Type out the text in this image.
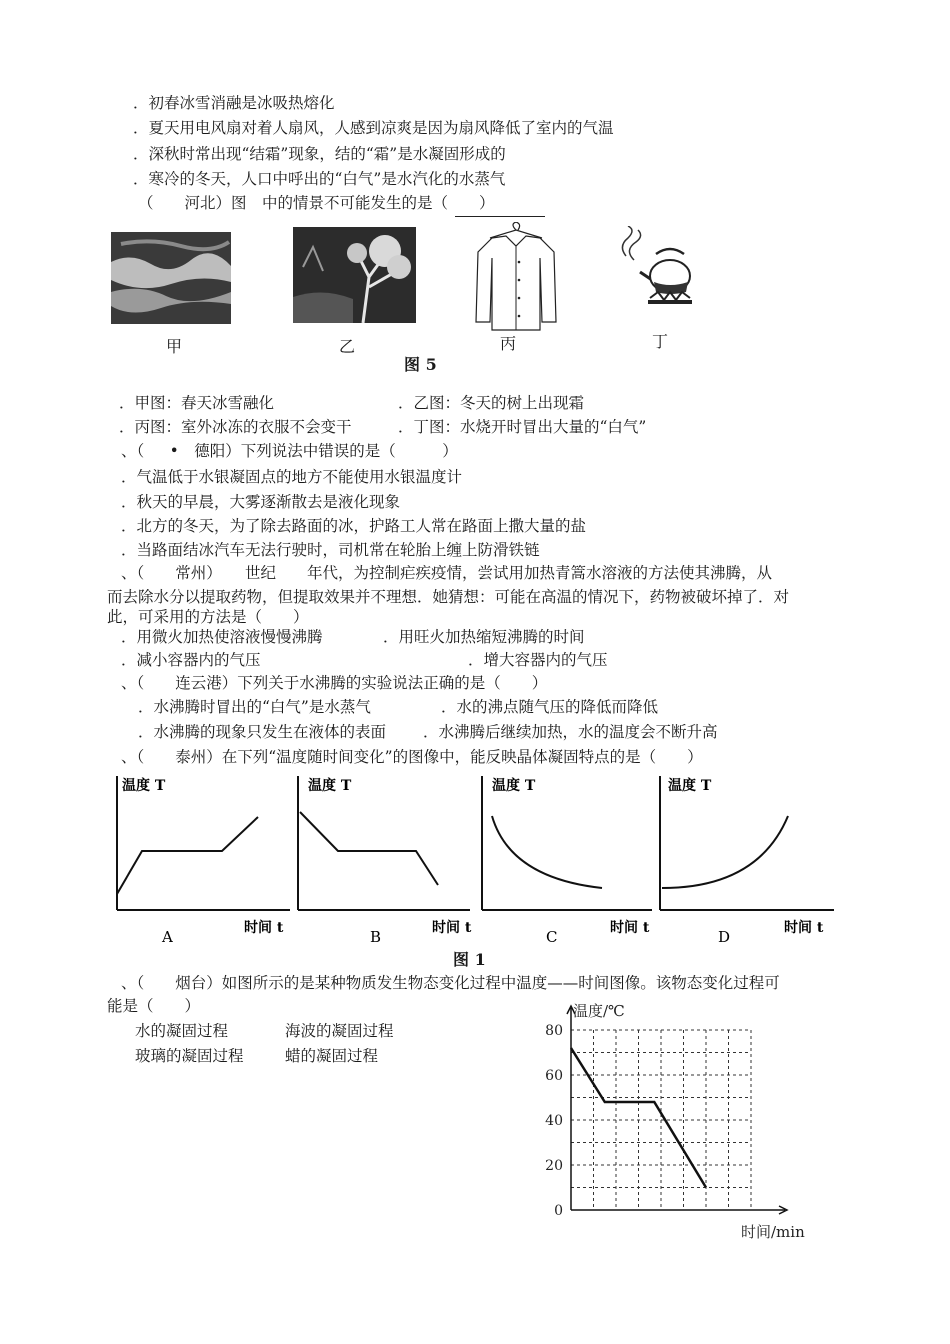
．初春冰雪消融是冰吸热熔化
．夏天用电风扇对着人扇风，人感到凉爽是因为扇风降低了室内的气温
．深秋时常出现“结霜”现象，结的“霜”是水凝固形成的
．寒冷的冬天，人口中呼出的“白气”是水汽化的水蒸气
（　　河北）图　中的情景不可能发生的是（　　）
甲	乙	丙	丁
图 5
．甲图：春天冰雪融化	．乙图：冬天的树上出现霜
．丙图：室外冰冻的衣服不会变干	．丁图：水烧开时冒出大量的“白气”
、（　  •　德阳）下列说法中错误的是（　　　）
．气温低于水银凝固点的地方不能使用水银温度计
．秋天的早晨，大雾逐渐散去是液化现象
．北方的冬天，为了除去路面的冰，护路工人常在路面上撒大量的盐
．当路面结冰汽车无法行驶时，司机常在轮胎上缠上防滑铁链
、（　　常州）　　世纪　　年代，为控制疟疾疫情，尝试用加热青篙水溶液的方法使其沸腾，从
而去除水分以提取药物，但提取效果并不理想．她猜想：可能在高温的情况下，药物被破坏掉了．对
此，可采用的方法是（　　）
．用微火加热使溶液慢慢沸腾	．用旺火加热缩短沸腾的时间
．减小容器内的气压	．增大容器内的气压
、（　　连云港）下列关于水沸腾的实验说法正确的是（　　）
．水沸腾时冒出的“白气”是水蒸气	．水的沸点随气压的降低而降低
．水沸腾的现象只发生在液体的表面 ．水沸腾后继续加热，水的温度会不断升高
、（　　泰州）在下列“温度随时间变化”的图像中，能反映晶体凝固特点的是（　　）
温度 T
时间 t
A
温度 T
时间 t
B
温度 T
时间 t
C
温度 T
时间 t
D
图 1
、（　　烟台）如图所示的是某种物质发生物态变化过程中温度——时间图像。该物态变化过程可
能是（　　）
水的凝固过程	海波的凝固过程
玻璃的凝固过程	蜡的凝固过程
0
20
40
60
80
温度/℃
时间/min
